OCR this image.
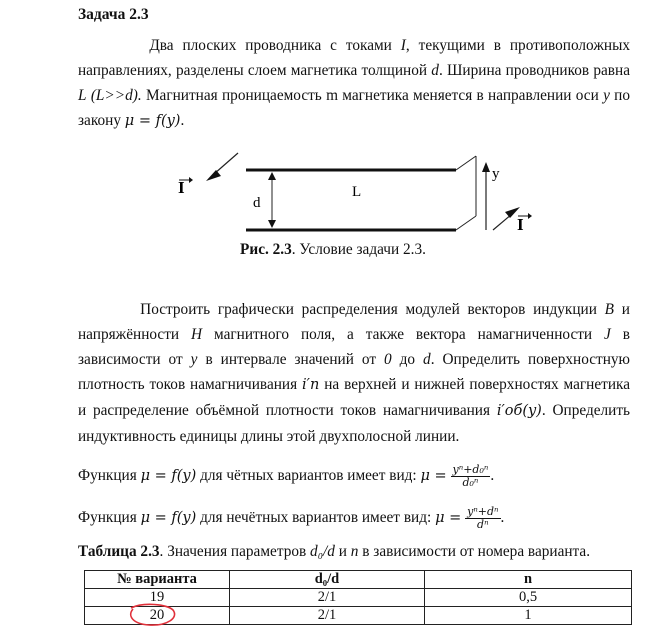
Задача 2.3

Два плоских проводника с токами I, текущими в противоположных направлениях, разделены слоем магнетика толщиной d. Ширина проводников равна L (L>>d). Магнитная проницаемость m магнетика меняется в направлении оси y по закону μ = f(y).

I
d
L
y
I
Рис. 2.3. Условие задачи 2.3.

Построить графически распределения модулей векторов индукции B и напряжённости H магнитного поля, а также вектора намагниченности J в зависимости от y в интервале значений от 0 до d. Определить поверхностную плотность токов намагничивания i′п на верхней и нижней поверхностях магнетика и распределение объёмной плотности токов намагничивания i′об(y). Определить индуктивность единицы длины этой двухполосной линии.

Функция μ = f(y) для чётных вариантов имеет вид: $\mu = \frac{\text{yⁿ+d₀ⁿ}}{\text{d₀ⁿ}}$ .
Функция μ = f(y) для нечётных вариантов имеет вид: $\mu = \frac{\text{yⁿ+dⁿ}}{\text{dⁿ}}$ .
Таблица 2.3. Значения параметров d₀/d и n в зависимости от номера варианта.
№ варианта	d₀/d	n
19	2/1	0,5
20	2/1	1
